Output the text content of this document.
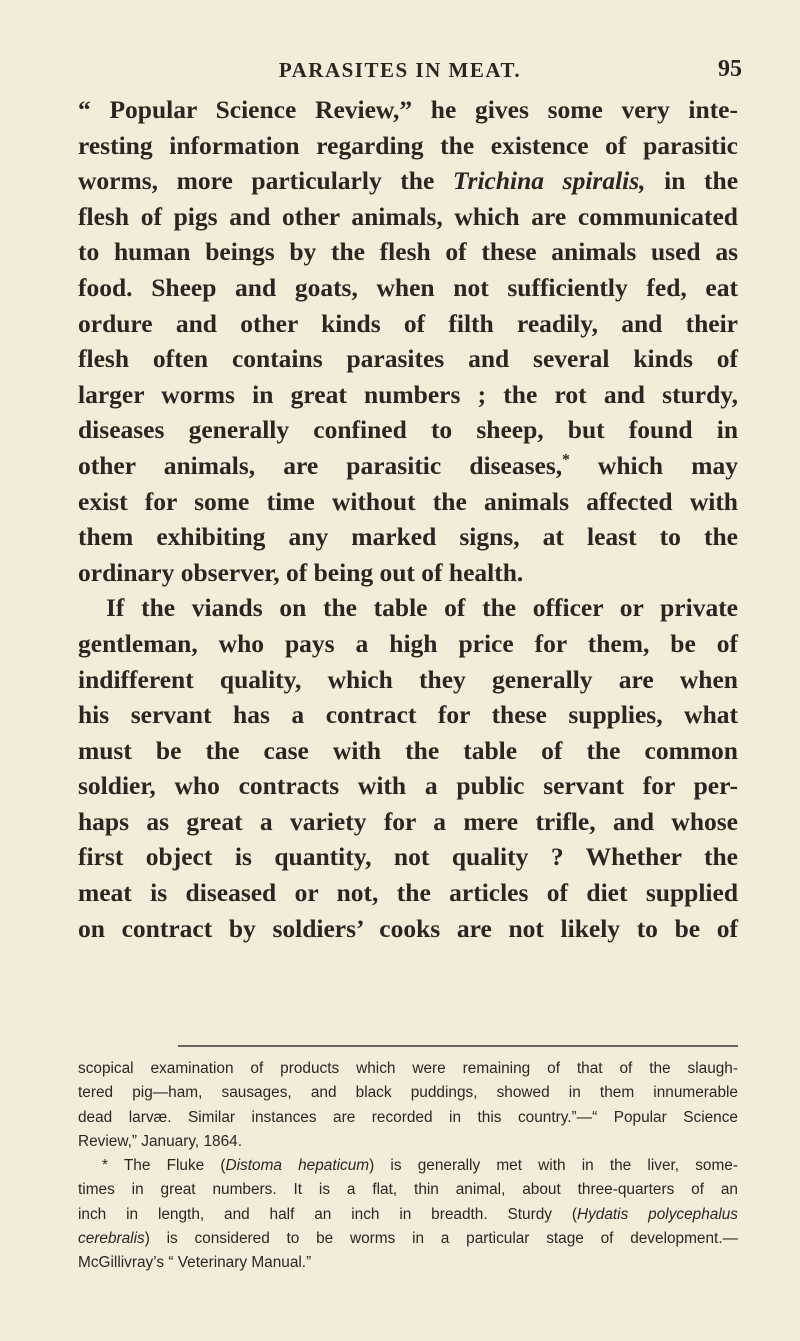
PARASITES IN MEAT.	95

“ Popular Science Review,” he gives some very inte-
resting information regarding the existence of parasitic
worms, more particularly the Trichina spiralis, in the
flesh of pigs and other animals, which are communicated
to human beings by the flesh of these animals used as
food. Sheep and goats, when not sufficiently fed, eat
ordure and other kinds of filth readily, and their
flesh often contains parasites and several kinds of
larger worms in great numbers ; the rot and sturdy,
diseases generally confined to sheep, but found in
other animals, are parasitic diseases,* which may
exist for some time without the animals affected with
them exhibiting any marked signs, at least to the
ordinary observer, of being out of health.

If the viands on the table of the officer or private
gentleman, who pays a high price for them, be of
indifferent quality, which they generally are when
his servant has a contract for these supplies, what
must be the case with the table of the common
soldier, who contracts with a public servant for per-
haps as great a variety for a mere trifle, and whose
first object is quantity, not quality ? Whether the
meat is diseased or not, the articles of diet supplied
on contract by soldiers’ cooks are not likely to be of

scopical examination of products which were remaining of that of the slaugh-
tered pig—ham, sausages, and black puddings, showed in them innumerable
dead larvæ. Similar instances are recorded in this country.”—“ Popular Science
Review,” January, 1864.
* The Fluke (Distoma hepaticum) is generally met with in the liver, some-
times in great numbers. It is a flat, thin animal, about three-quarters of an
inch in length, and half an inch in breadth. Sturdy (Hydatis polycephalus
cerebralis) is considered to be worms in a particular stage of development.—
McGillivray’s “ Veterinary Manual.”
